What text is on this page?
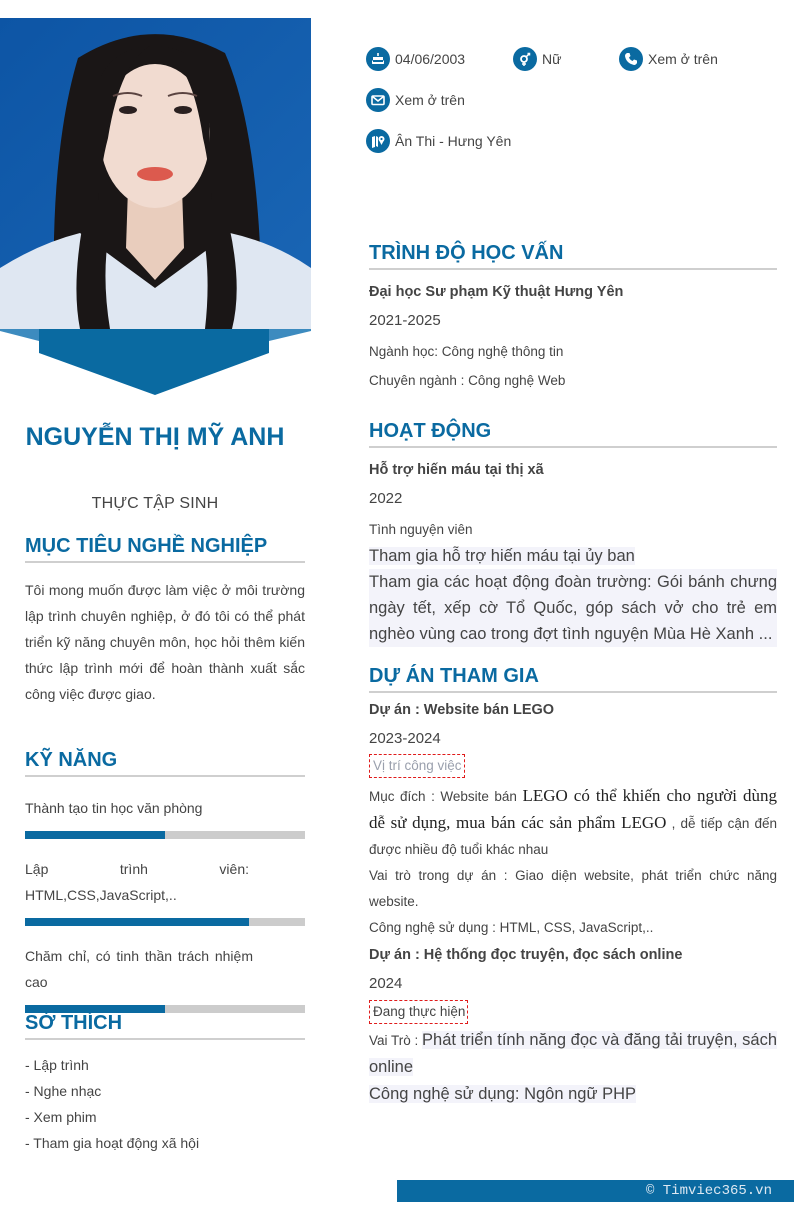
NGUYỄN THỊ MỸ ANH
THỰC TẬP SINH
MỤC TIÊU NGHỀ NGHIỆP
Tôi mong muốn được làm việc ở môi trường lập trình chuyên nghiệp, ở đó tôi có thể phát triển kỹ năng chuyên môn, học hỏi thêm kiến thức lập trình mới để hoàn thành xuất sắc công việc được giao.
KỸ NĂNG
Thành tạo tin học văn phòng
Lập trình viên: HTML,CSS,JavaScript,..
Chăm chỉ, có tinh thần trách nhiệm cao
SỞ THÍCH
- Lập trình
- Nghe nhạc
- Xem phim
- Tham gia hoạt động xã hội
04/06/2003	Nữ	Xem ở trên
Xem ở trên
Ân Thi - Hưng Yên
TRÌNH ĐỘ HỌC VẤN
Đại học Sư phạm Kỹ thuật Hưng Yên
2021-2025
Ngành học: Công nghệ thông tin
Chuyên ngành : Công nghệ Web
HOẠT ĐỘNG
Hỗ trợ hiến máu tại thị xã
2022
Tình nguyện viên
Tham gia hỗ trợ hiến máu tại ủy ban
Tham gia các hoạt động đoàn trường: Gói bánh chưng ngày tết, xếp cờ Tổ Quốc, góp sách vở cho trẻ em nghèo vùng cao trong đợt tình nguyện Mùa Hè Xanh ...
DỰ ÁN THAM GIA
Dự án : Website bán LEGO
2023-2024
Vị trí công việc
Mục đích : Website bán LEGO có thể khiến cho người dùng dễ sử dụng, mua bán các sản phẩm LEGO , dễ tiếp cận đến được nhiều độ tuổi khác nhau
Vai trò trong dự án : Giao diện website, phát triển chức năng website.
Công nghệ sử dụng : HTML, CSS, JavaScript,..
Dự án : Hệ thống đọc truyện, đọc sách online
2024
Đang thực hiện
Vai Trò : Phát triển tính năng đọc và đăng tải truyện, sách online
Công nghệ sử dụng: Ngôn ngữ PHP
© Timviec365.vn
